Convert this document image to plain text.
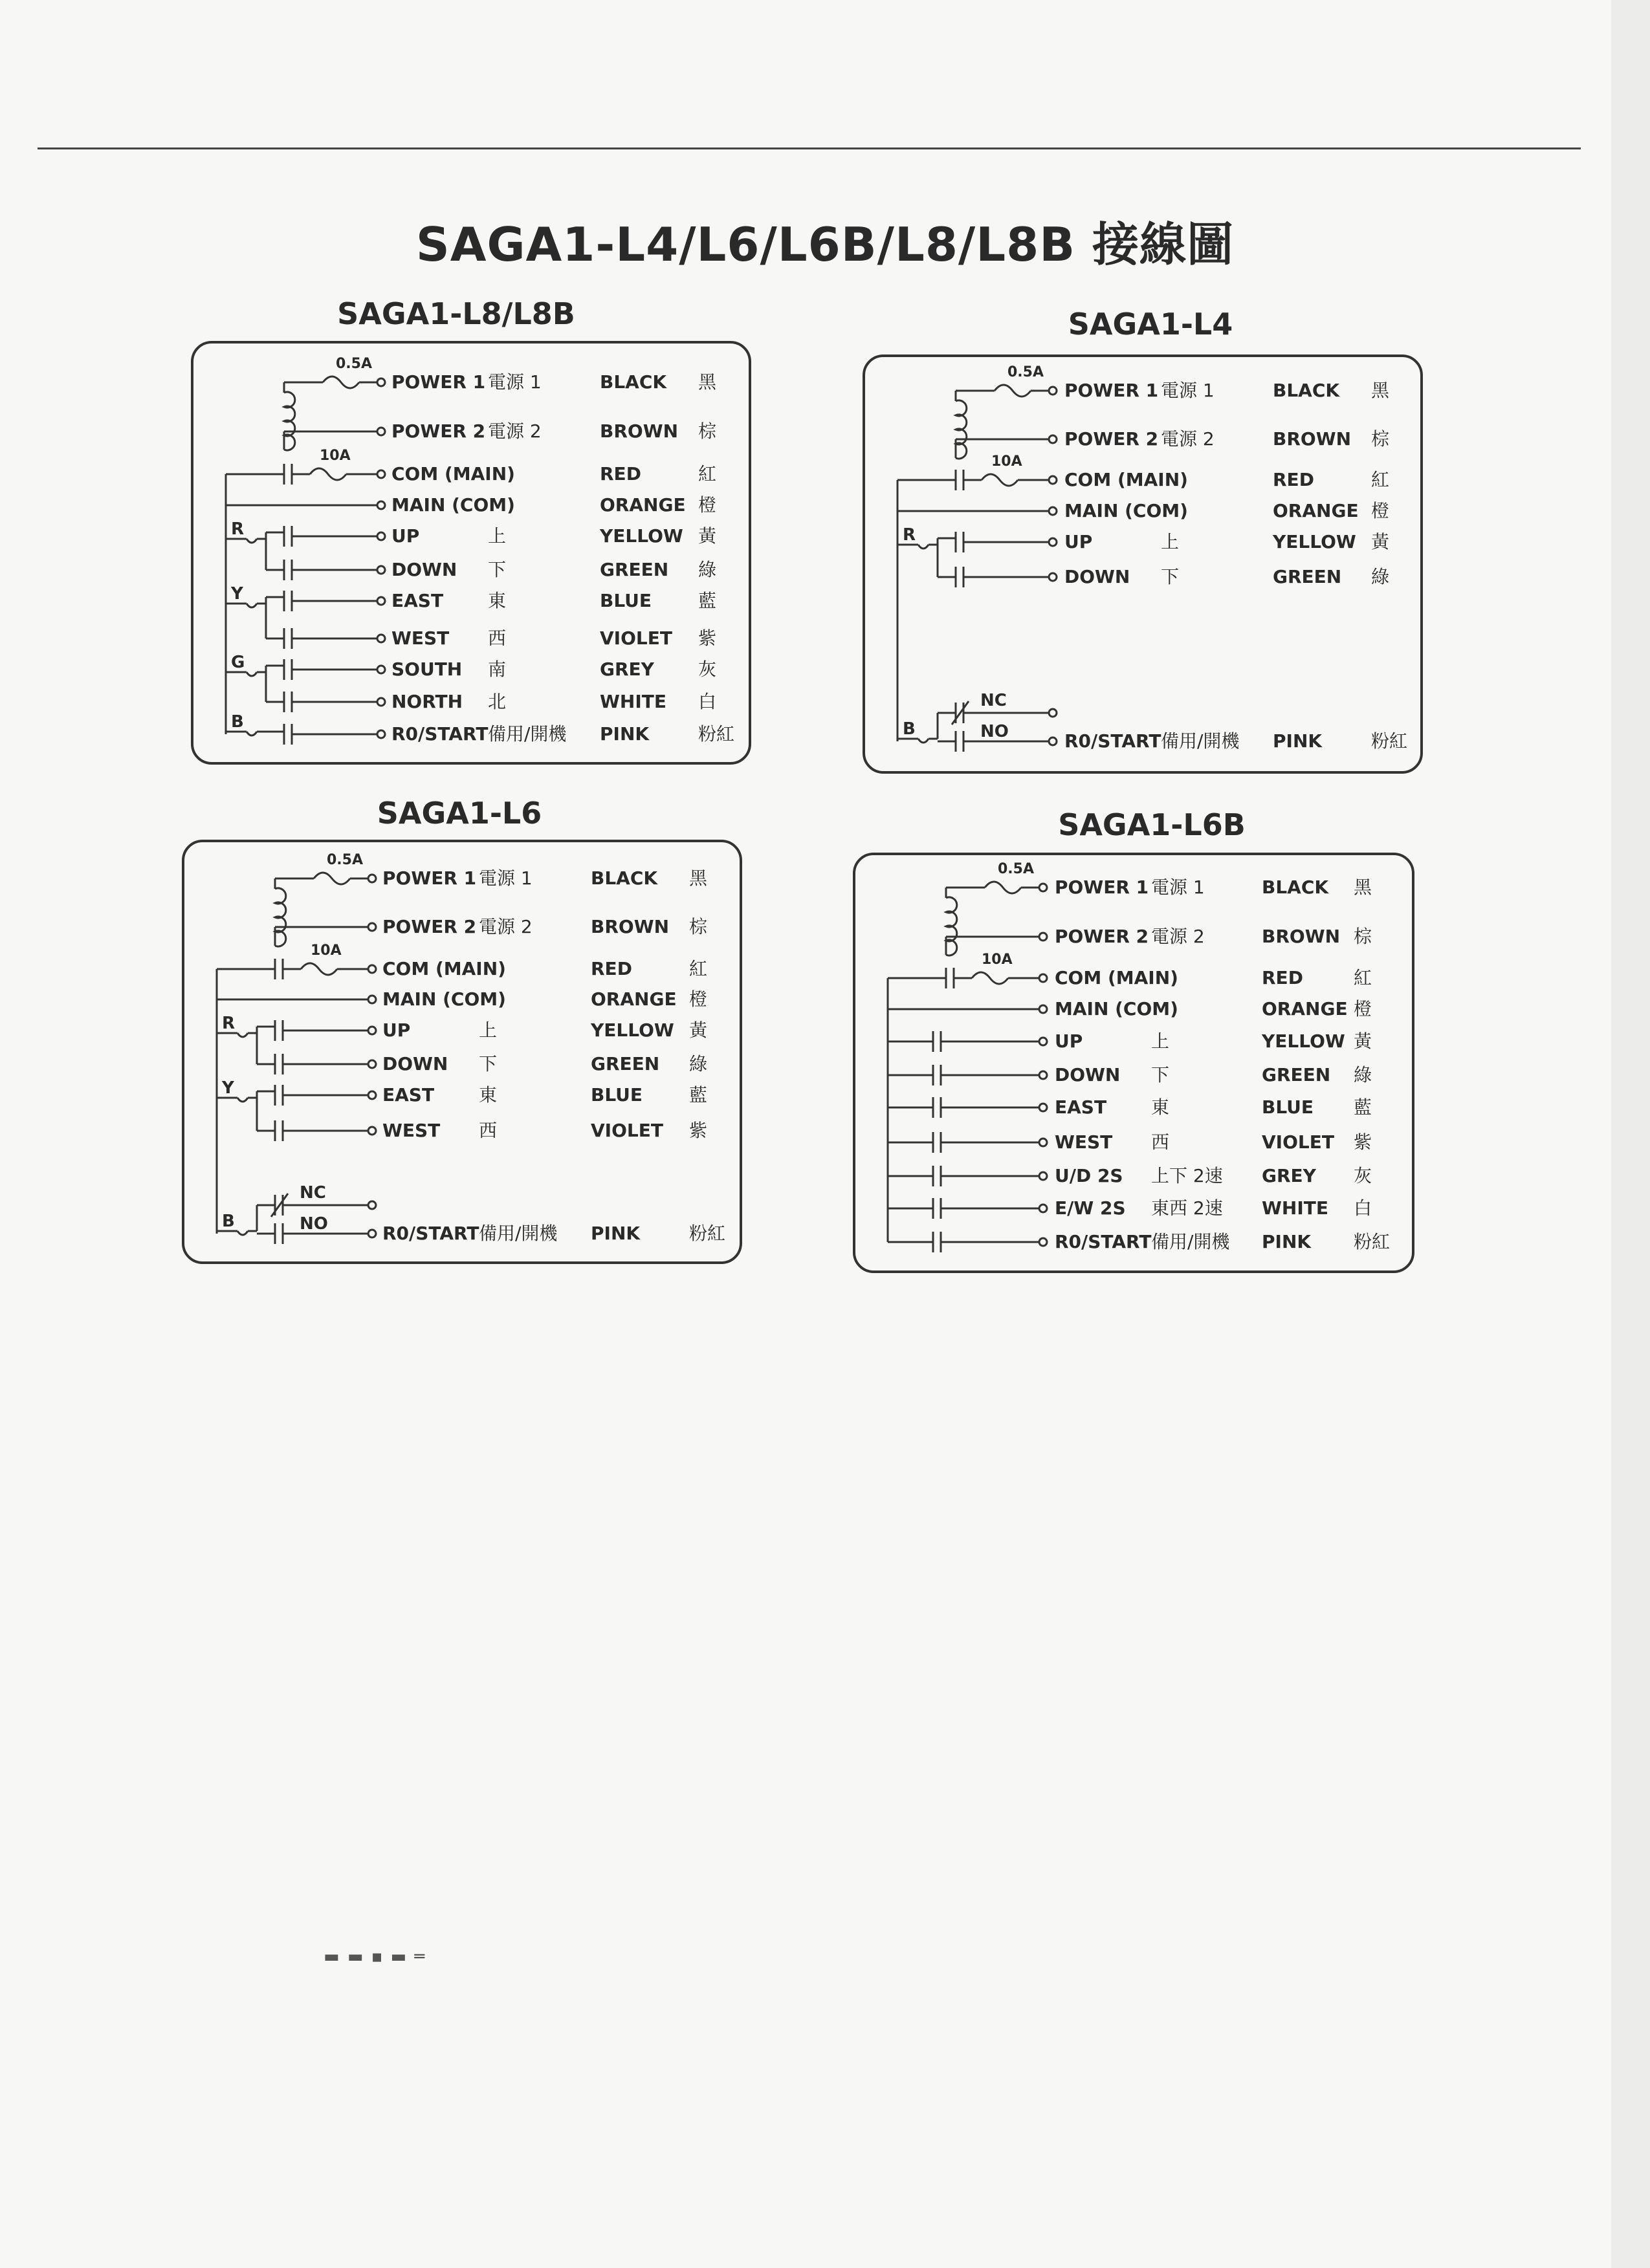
SAGA1-L4/L6/L6B/L8/L8B 接線圖
SAGA1-L8/L8B
POWER 1 電源 1	BLACK 黑
POWER 2 電源 2	BROWN 棕
COM (MAIN)	RED	紅
MAIN (COM)	ORANGE 橙
UP	上	YELLOW 黃
DOWN 下	GREEN 綠
EAST 東	BLUE	藍
WEST 西	VIOLET 紫
SOUTH 南	GREY 灰
NORTH 北	WHITE 白
R0/START 備用/開機 PINK	粉紅
0.5A
10A
R
Y
G
B
SAGA1-L4
POWER 1 電源 1	BLACK 黑
POWER 2 電源 2	BROWN 棕
COM (MAIN)	RED	紅
MAIN (COM)	ORANGE 橙
UP	上	YELLOW 黃
DOWN 下	GREEN 綠
R0/START 備用/開機 PINK	粉紅
0.5A
10A
R
NC
NO
B
SAGA1-L6
POWER 1 電源 1	BLACK 黑
POWER 2 電源 2	BROWN 棕
COM (MAIN)	RED	紅
MAIN (COM)	ORANGE 橙
UP	上	YELLOW 黃
DOWN 下	GREEN 綠
EAST 東	BLUE	藍
WEST 西	VIOLET 紫
R0/START 備用/開機 PINK	粉紅
0.5A
10A
R
Y
NC
NO
B
SAGA1-L6B
POWER 1 電源 1	BLACK 黑
POWER 2 電源 2	BROWN 棕
COM (MAIN)	RED	紅
MAIN (COM)	ORANGE 橙
UP	上	YELLOW 黃
DOWN 下	GREEN 綠
EAST 東	BLUE 藍
WEST 西	VIOLET 紫
U/D 2S 上下 2速 GREY 灰
E/W 2S 東西 2速 WHITE 白
R0/START 備用/開機 PINK 粉紅
0.5A
10A
▬ ▬ ▪ ▬ ═
